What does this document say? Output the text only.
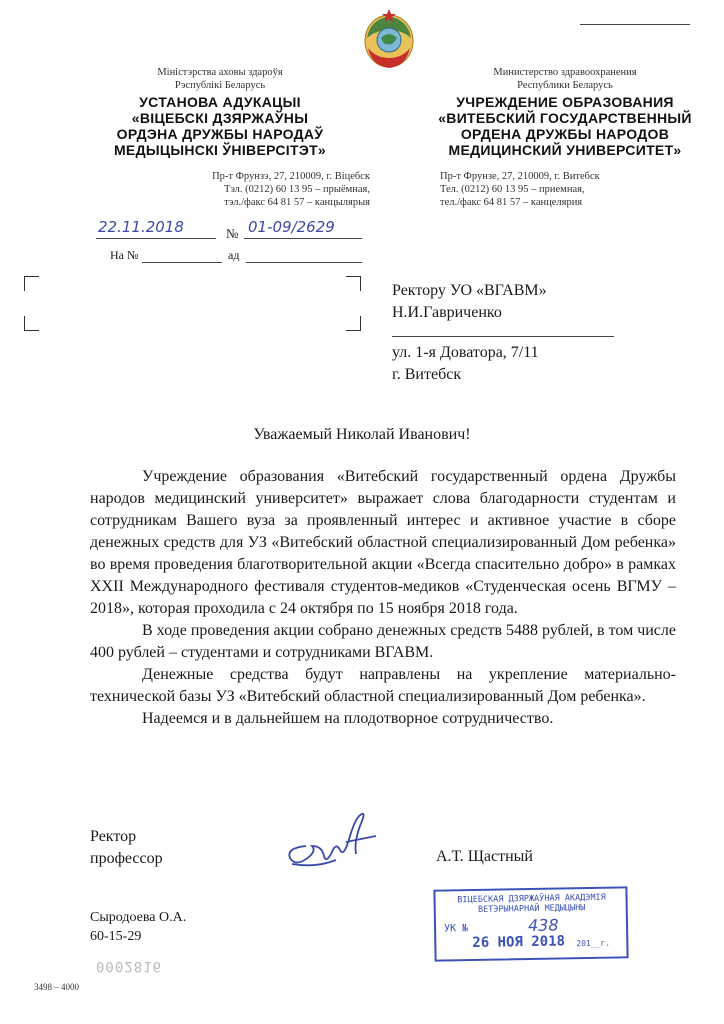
Міністэрства аховы здароўя
Рэспублікі Беларусь
УСТАНОВА АДУКАЦЫІ
«ВІЦЕБСКІ ДЗЯРЖАЎНЫ
ОРДЭНА ДРУЖБЫ НАРОДАЎ
МЕДЫЦЫНСКІ ЎНІВЕРСІТЭТ»
Пр-т Фрунзэ, 27, 210009, г. Віцебск
Тэл. (0212) 60 13 95 – прыёмная,
тэл./факс 64 81 57 – канцылярыя
Министерство здравоохранения
Республики Беларусь
УЧРЕЖДЕНИЕ ОБРАЗОВАНИЯ
«ВИТЕБСКИЙ ГОСУДАРСТВЕННЫЙ
ОРДЕНА ДРУЖБЫ НАРОДОВ
МЕДИЦИНСКИЙ УНИВЕРСИТЕТ»
Пр-т Фрунзе, 27, 210009, г. Витебск
Тел. (0212) 60 13 95 – приемная,
тел./факс 64 81 57 – канцелярия
22.11.2018	№ 01-09/2629
На №	ад
Ректору УО «ВГАВМ»
Н.И.Гавриченко
ул. 1-я Доватора, 7/11
г. Витебск
Уважаемый Николай Иванович!

Учреждение образования «Витебский государственный ордена Дружбы народов медицинский университет» выражает слова благодарности студентам и сотрудникам Вашего вуза за проявленный интерес и активное участие в сборе денежных средств для УЗ «Витебский областной специализированный Дом ребенка» во время проведения благотворительной акции «Всегда спасительно добро» в рамках XXII Международного фестиваля студентов-медиков «Студенческая осень ВГМУ – 2018», которая проходила с 24 октября по 15 ноября 2018 года.

В ходе проведения акции собрано денежных средств 5488 рублей, в том числе 400 рублей – студентами и сотрудниками ВГАВМ.

Денежные средства будут направлены на укрепление материально-технической базы УЗ «Витебский областной специализированный Дом ребенка».

Надеемся и в дальнейшем на плодотворное сотрудничество.

Ректор
профессор	А.Т. Щастный
Сыродоева О.А.
60-15-29
ВІЦЕБСКАЯ ДЗЯРЖАЎНАЯ АКАДЭМІЯ
ВЕТЭРЫНАРНАЙ МЕДЫЦЫНЫ
УК №	438
26 НОЯ 2018 201__г.
0002816
3498 – 4000
